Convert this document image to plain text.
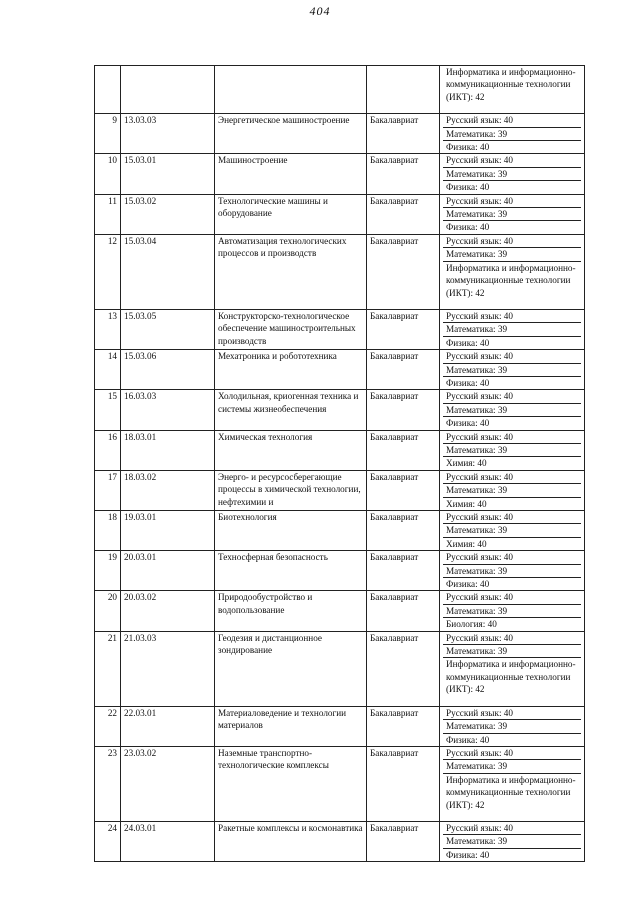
404

				Информатика и информационно-коммуникационные технологии (ИКТ): 42

9	13.03.03	Энергетическое машиностроение	Бакалавриат	Русский язык: 40
Математика: 39
Физика: 40

10	15.03.01	Машиностроение	Бакалавриат	Русский язык: 40
Математика: 39
Физика: 40

11	15.03.02	Технологические машины и оборудование	Бакалавриат	Русский язык: 40
Математика: 39
Физика: 40

12	15.03.04	Автоматизация технологических процессов и производств	Бакалавриат	Русский язык: 40
Математика: 39
Информатика и информационно-коммуникационные технологии (ИКТ): 42

13	15.03.05	Конструкторско-технологическое обеспечение машиностроительных производств	Бакалавриат	Русский язык: 40
Математика: 39
Физика: 40

14	15.03.06	Мехатроника и робототехника	Бакалавриат	Русский язык: 40
Математика: 39
Физика: 40

15	16.03.03	Холодильная, криогенная техника и системы жизнеобеспечения	Бакалавриат	Русский язык: 40
Математика: 39
Физика: 40

16	18.03.01	Химическая технология	Бакалавриат	Русский язык: 40
Математика: 39
Химия: 40

17	18.03.02	Энерго- и ресурсосберегающие процессы в химической технологии, нефтехимии и	Бакалавриат	Русский язык: 40
Математика: 39
Химия: 40

18	19.03.01	Биотехнология	Бакалавриат	Русский язык: 40
Математика: 39
Химия: 40

19	20.03.01	Техносферная безопасность	Бакалавриат	Русский язык: 40
Математика: 39
Физика: 40

20	20.03.02	Природообустройство и водопользование	Бакалавриат	Русский язык: 40
Математика: 39
Биология: 40

21	21.03.03	Геодезия и дистанционное зондирование	Бакалавриат	Русский язык: 40
Математика: 39
Информатика и информационно-коммуникационные технологии (ИКТ): 42

22	22.03.01	Материаловедение и технологии материалов	Бакалавриат	Русский язык: 40
Математика: 39
Физика: 40

23	23.03.02	Наземные транспортно-технологические комплексы	Бакалавриат	Русский язык: 40
Математика: 39
Информатика и информационно-коммуникационные технологии (ИКТ): 42

24	24.03.01	Ракетные комплексы и космонавтика	Бакалавриат	Русский язык: 40
Математика: 39
Физика: 40
